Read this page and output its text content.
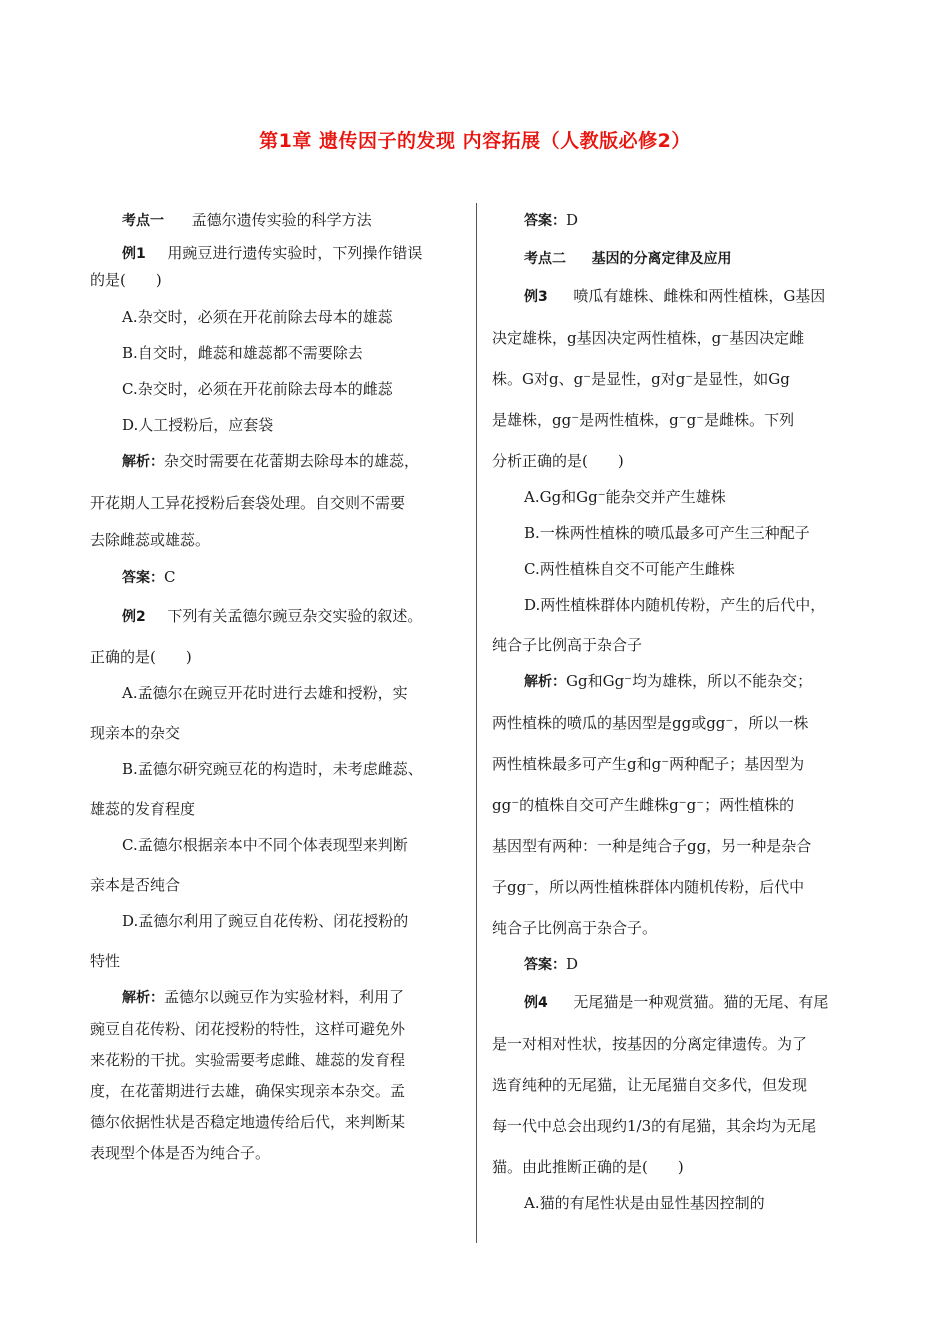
第1章 遗传因子的发现 内容拓展（人教版必修2）
考点一 孟德尔遗传实验的科学方法
例1 用豌豆进行遗传实验时，下列操作错误
的是(　　)
A.杂交时，必须在开花前除去母本的雄蕊
B.自交时，雌蕊和雄蕊都不需要除去
C.杂交时，必须在开花前除去母本的雌蕊
D.人工授粉后，应套袋
解析：杂交时需要在花蕾期去除母本的雄蕊，
开花期人工异花授粉后套袋处理。自交则不需要
去除雌蕊或雄蕊。
答案：C
例2 下列有关孟德尔豌豆杂交实验的叙述。
正确的是(　　)
A.孟德尔在豌豆开花时进行去雄和授粉，实
现亲本的杂交
B.孟德尔研究豌豆花的构造时，未考虑雌蕊、
雄蕊的发育程度
C.孟德尔根据亲本中不同个体表现型来判断
亲本是否纯合
D.孟德尔利用了豌豆自花传粉、闭花授粉的
特性
解析：孟德尔以豌豆作为实验材料，利用了
豌豆自花传粉、闭花授粉的特性，这样可避免外
来花粉的干扰。实验需要考虑雌、雄蕊的发育程
度，在花蕾期进行去雄，确保实现亲本杂交。孟
德尔依据性状是否稳定地遗传给后代，来判断某
表现型个体是否为纯合子。
答案：D
考点二 基因的分离定律及应用
例3 喷瓜有雄株、雌株和两性植株，G基因
决定雄株，g基因决定两性植株，g⁻基因决定雌
株。G对g、g⁻是显性，g对g⁻是显性，如Gg
是雄株，gg⁻是两性植株，g⁻g⁻是雌株。下列
分析正确的是(　　)
A.Gg和Gg⁻能杂交并产生雄株
B.一株两性植株的喷瓜最多可产生三种配子
C.两性植株自交不可能产生雌株
D.两性植株群体内随机传粉，产生的后代中，
纯合子比例高于杂合子
解析：Gg和Gg⁻均为雄株，所以不能杂交；
两性植株的喷瓜的基因型是gg或gg⁻，所以一株
两性植株最多可产生g和g⁻两种配子；基因型为
gg⁻的植株自交可产生雌株g⁻g⁻；两性植株的
基因型有两种：一种是纯合子gg，另一种是杂合
子gg⁻，所以两性植株群体内随机传粉，后代中
纯合子比例高于杂合子。
答案：D
例4 无尾猫是一种观赏猫。猫的无尾、有尾
是一对相对性状，按基因的分离定律遗传。为了
选育纯种的无尾猫，让无尾猫自交多代，但发现
每一代中总会出现约1/3的有尾猫，其余均为无尾
猫。由此推断正确的是(　　)
A.猫的有尾性状是由显性基因控制的
